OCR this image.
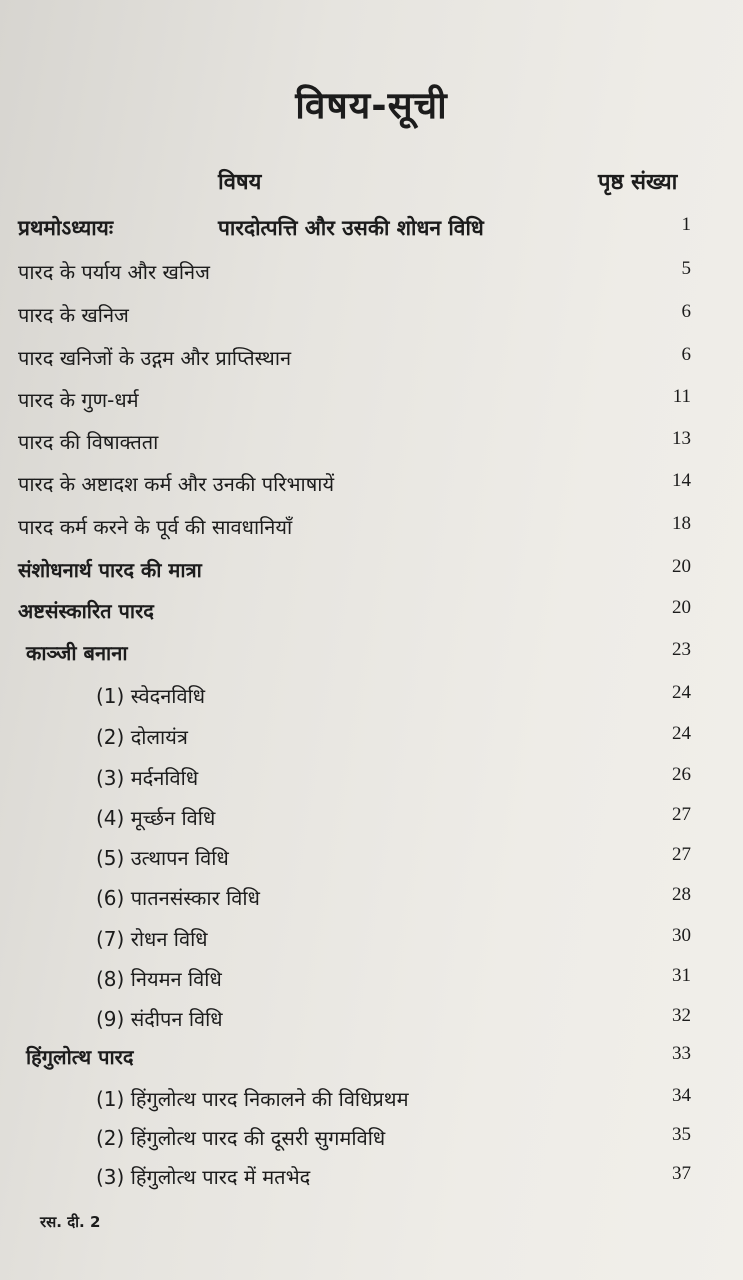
विषय-सूची
विषय	पृष्ठ संख्या
प्रथमोऽध्यायः	पारदोत्पत्ति और उसकी शोधन विधि	1
पारद के पर्याय और खनिज	5
पारद के खनिज	6
पारद खनिजों के उद्गम और प्राप्तिस्थान	6
पारद के गुण-धर्म	11
पारद की विषाक्तता	13
पारद के अष्टादश कर्म और उनकी परिभाषायें	14
पारद कर्म करने के पूर्व की सावधानियाँ	18
संशोधनार्थ पारद की मात्रा	20
अष्टसंस्कारित पारद	20
काञ्जी बनाना	23
(1) स्वेदनविधि	24
(2) दोलायंत्र	24
(3) मर्दनविधि	26
(4) मूर्च्छन विधि	27
(5) उत्थापन विधि	27
(6) पातनसंस्कार विधि	28
(7) रोधन विधि	30
(8) नियमन विधि	31
(9) संदीपन विधि	32
हिंगुलोत्थ पारद	33
(1) हिंगुलोत्थ पारद निकालने की विधिप्रथम	34
(2) हिंगुलोत्थ पारद की दूसरी सुगमविधि	35
(3) हिंगुलोत्थ पारद में मतभेद	37
रस. दी. 2
